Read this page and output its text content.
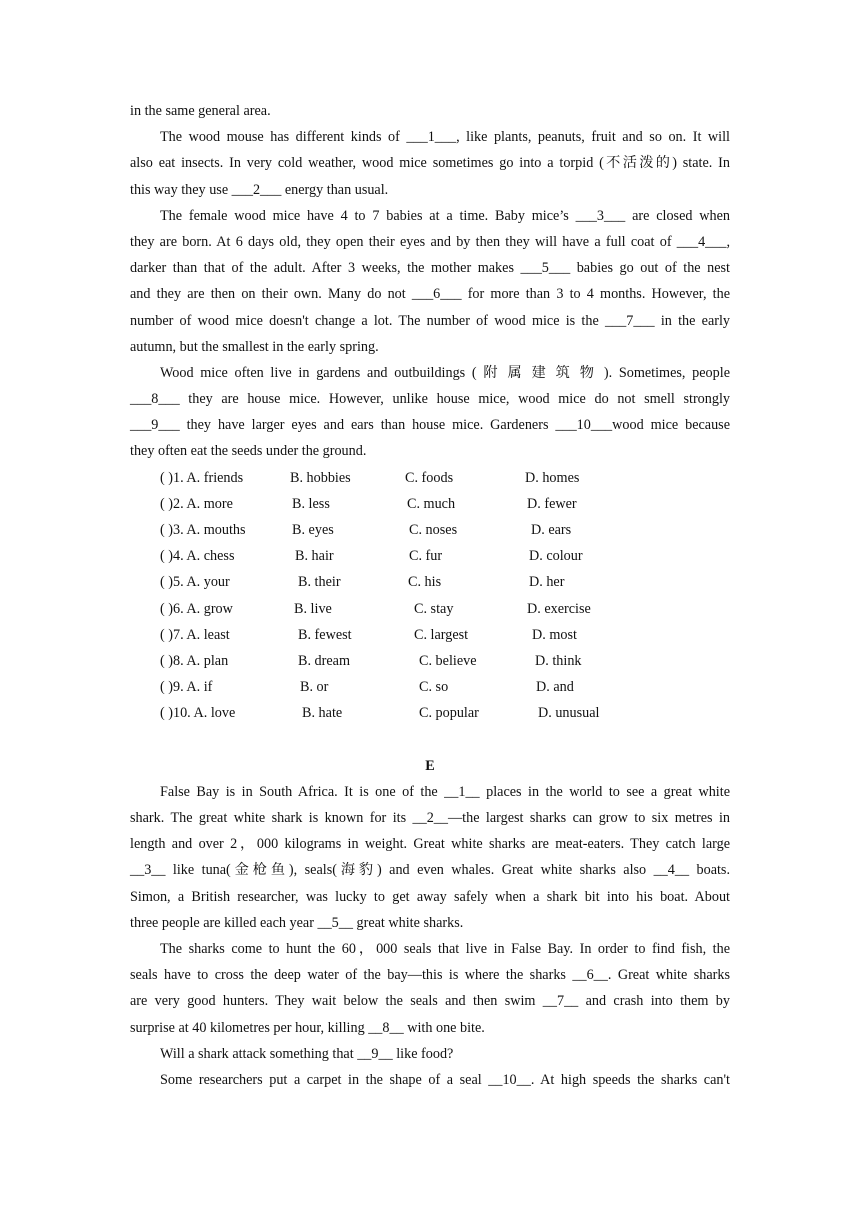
in the same general area.
The wood mouse has different kinds of ___1___, like plants, peanuts, fruit and so on. It will
also eat insects. In very cold weather, wood mice sometimes go into a torpid (不活泼的) state. In
this way they use ___2___ energy than usual.
The female wood mice have 4 to 7 babies at a time. Baby mice’s ___3___ are closed when
they are born. At 6 days old, they open their eyes and by then they will have a full coat of ___4___,
darker than that of the adult. After 3 weeks, the mother makes ___5___ babies go out of the nest
and they are then on their own. Many do not ___6___ for more than 3 to 4 months. However, the
number of wood mice doesn't change a lot. The number of wood mice is the ___7___ in the early
autumn, but the smallest in the early spring.
Wood mice often live in gardens and outbuildings ( 附 属 建 筑 物 ). Sometimes, people
___8___ they are house mice. However, unlike house mice, wood mice do not smell strongly
___9___ they have larger eyes and ears than house mice. Gardeners ___10___wood mice because
they often eat the seeds under the ground.
( )1. A. friends	B. hobbies	C. foods	D. homes
( )2. A. more	B. less	C. much	D. fewer
( )3. A. mouths	B. eyes	C. noses	D. ears
( )4. A. chess	B. hair	C. fur	D. colour
( )5. A. your	B. their	C. his	D. her
( )6. A. grow	B. live	C. stay	D. exercise
( )7. A. least	B. fewest	C. largest	D. most
( )8. A. plan	B. dream	C. believe	D. think
( )9. A. if	B. or	C. so	D. and
( )10. A. love	B. hate	C. popular	D. unusual
E
False Bay is in South Africa. It is one of the __1__ places in the world to see a great white
shark. The great white shark is known for its __2__—the largest sharks can grow to six metres in
length and over 2，000 kilograms in weight. Great white sharks are meat-eaters. They catch large
__3__ like tuna(金枪鱼), seals(海豹) and even whales. Great white sharks also __4__ boats.
Simon, a British researcher, was lucky to get away safely when a shark bit into his boat. About
three people are killed each year __5__ great white sharks.
The sharks come to hunt the 60，000 seals that live in False Bay. In order to find fish, the
seals have to cross the deep water of the bay—this is where the sharks __6__. Great white sharks
are very good hunters. They wait below the seals and then swim __7__ and crash into them by
surprise at 40 kilometres per hour, killing __8__ with one bite.
Will a shark attack something that __9__ like food?
Some researchers put a carpet in the shape of a seal __10__. At high speeds the sharks can't
